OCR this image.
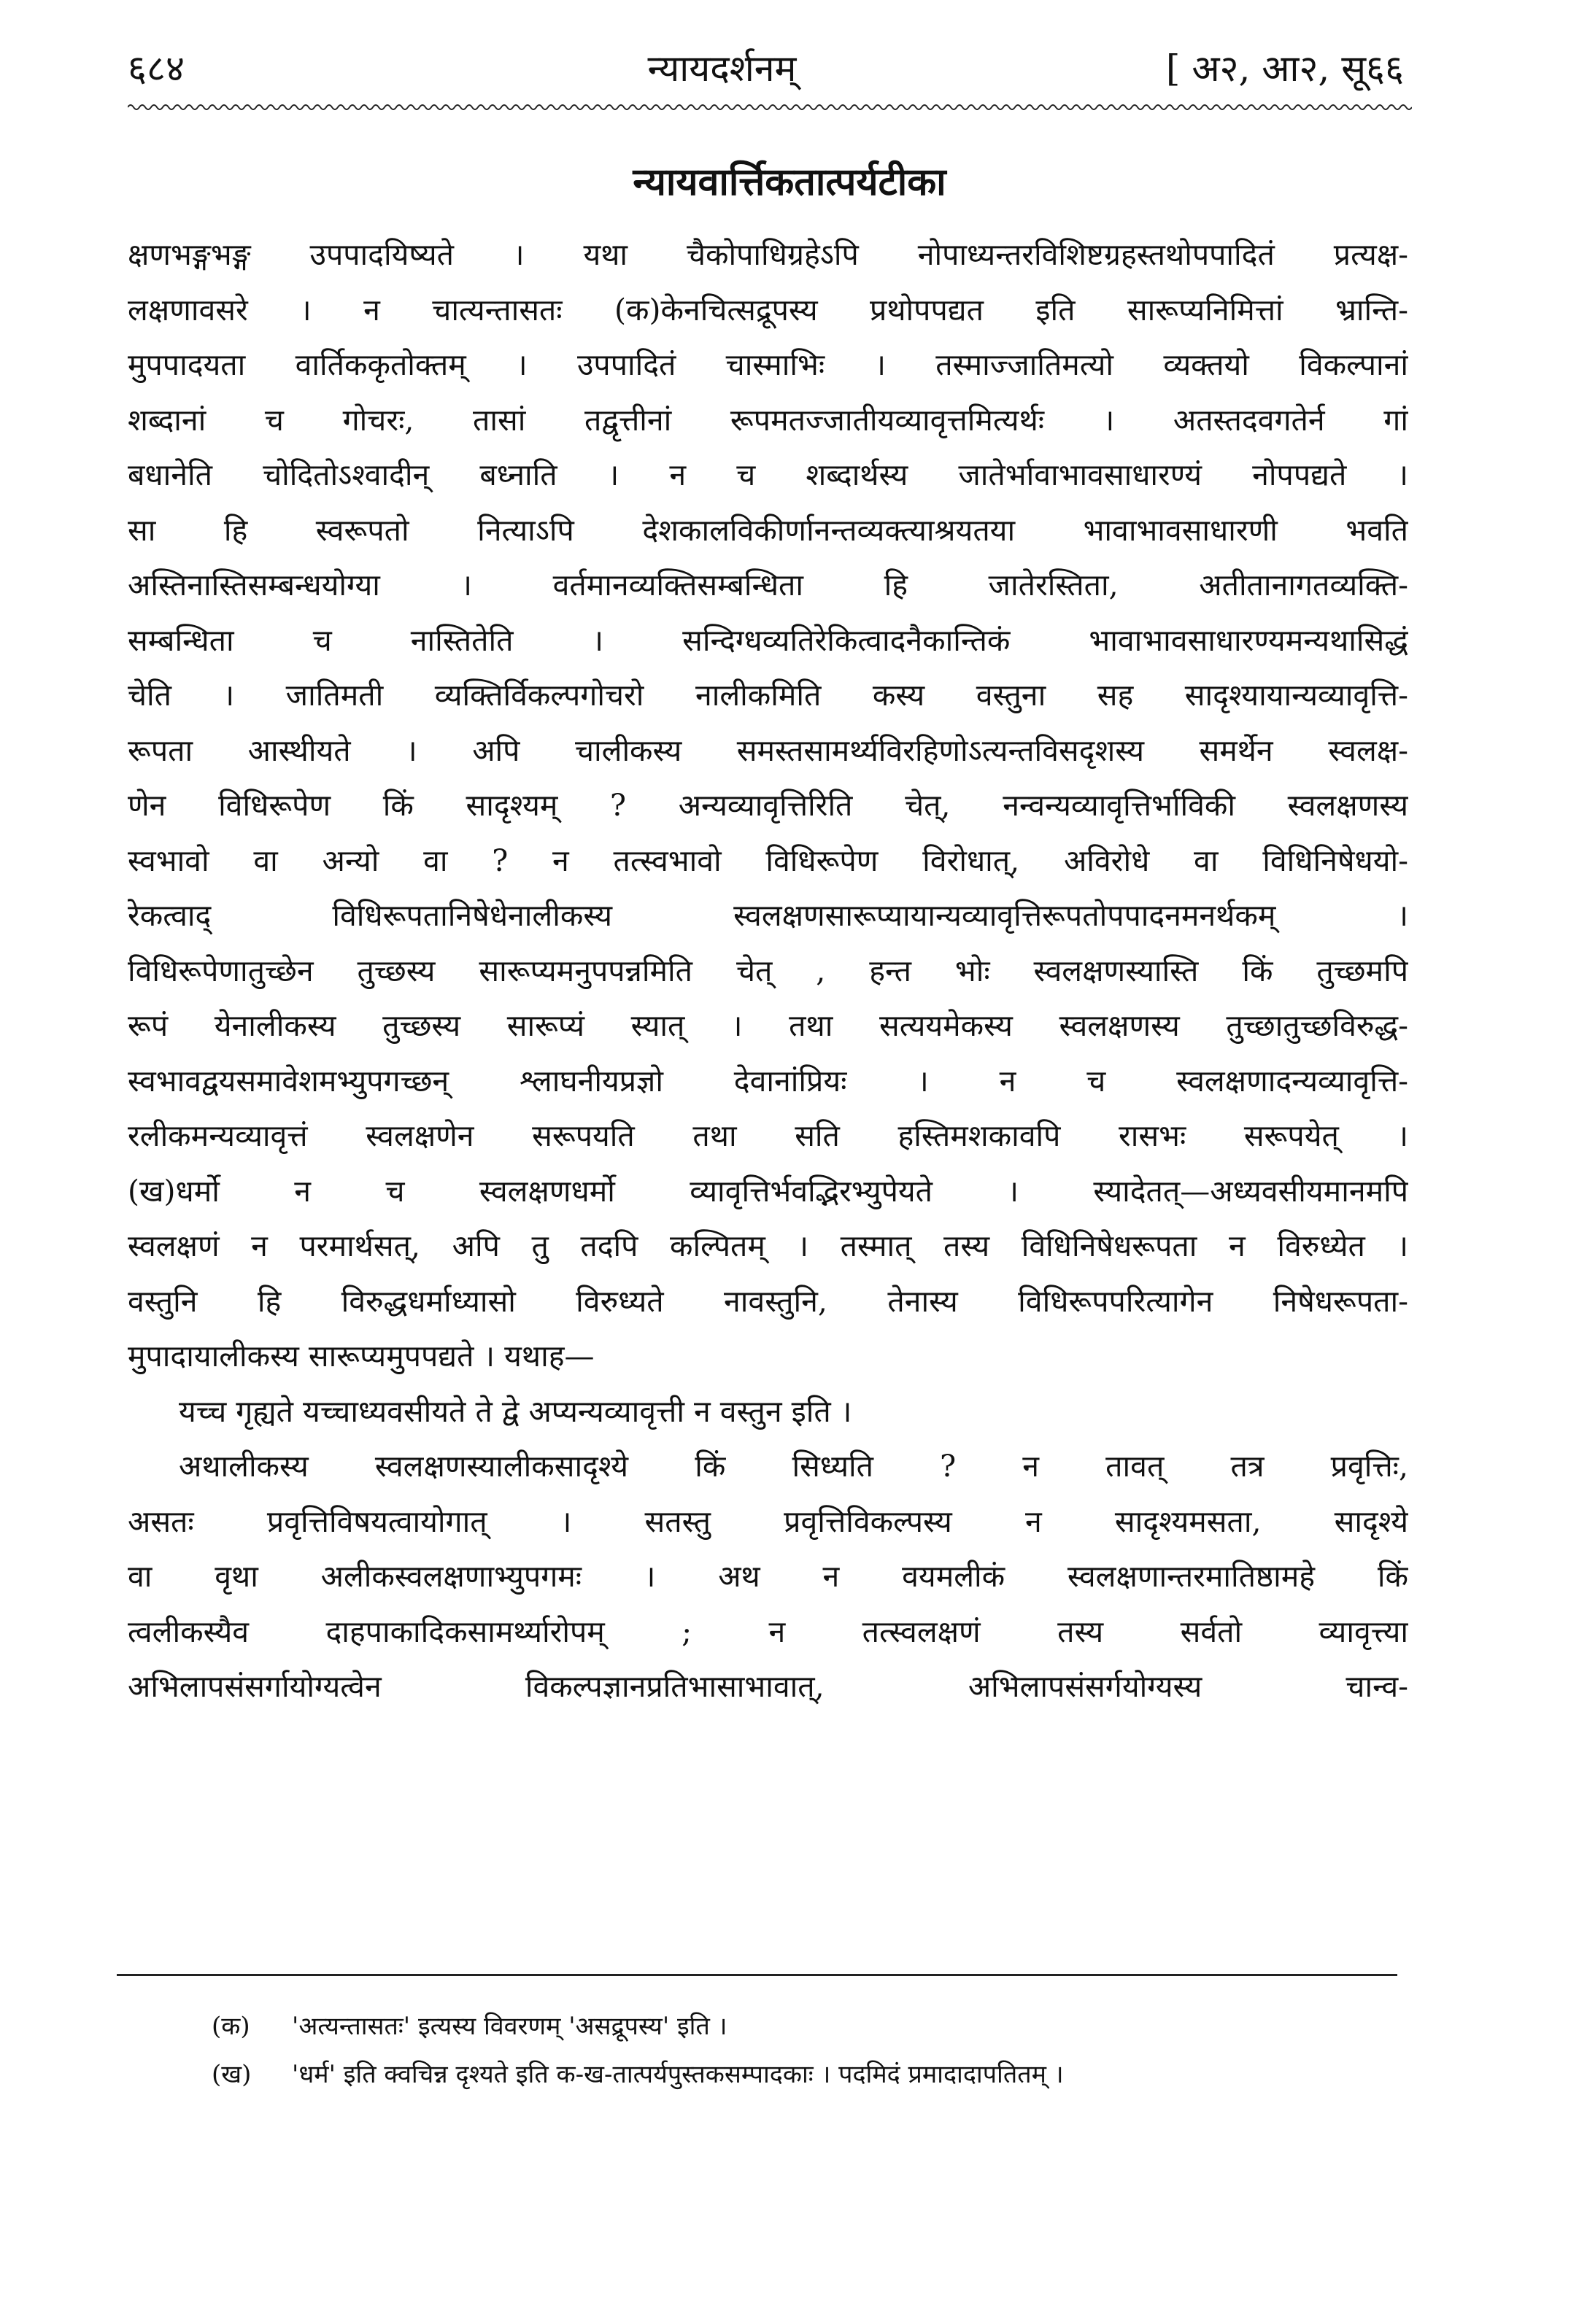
६८४	न्यायदर्शनम्	[ अ२, आ२, सू६६
न्यायवार्त्तिकतात्पर्यटीका
क्षणभङ्गभङ्ग उपपादयिष्यते । यथा चैकोपाधिग्रहेऽपि नोपाध्यन्तरविशिष्टग्रहस्तथोपपादितं प्रत्यक्ष-
लक्षणावसरे । न चात्यन्तासतः (क)केनचित्सद्रूपस्य प्रथोपपद्यत इति सारूप्यनिमित्तां भ्रान्ति-
मुपपादयता वार्तिककृतोक्तम् । उपपादितं चास्माभिः । तस्माज्जातिमत्यो व्यक्तयो विकल्पानां
शब्दानां च गोचरः, तासां तद्वृत्तीनां रूपमतज्जातीयव्यावृत्तमित्यर्थः । अतस्तदवगतेर्न गां
बधानेति चोदितोऽश्वादीन् बध्नाति । न च शब्दार्थस्य जातेर्भावाभावसाधारण्यं नोपपद्यते ।
सा हि स्वरूपतो नित्याऽपि देशकालविकीर्णानन्तव्यक्त्याश्रयतया भावाभावसाधारणी भवति
अस्तिनास्तिसम्बन्धयोग्या । वर्तमानव्यक्तिसम्बन्धिता हि जातेरस्तिता, अतीतानागतव्यक्ति-
सम्बन्धिता च नास्तितेति । सन्दिग्धव्यतिरेकित्वादनैकान्तिकं भावाभावसाधारण्यमन्यथासिद्धं
चेति । जातिमती व्यक्तिर्विकल्पगोचरो नालीकमिति कस्य वस्तुना सह सादृश्यायान्यव्यावृत्ति-
रूपता आस्थीयते । अपि चालीकस्य समस्तसामर्थ्यविरहिणोऽत्यन्तविसदृशस्य समर्थेन स्वलक्ष-
णेन विधिरूपेण किं सादृश्यम् ? अन्यव्यावृत्तिरिति चेत्, नन्वन्यव्यावृत्तिर्भाविकी स्वलक्षणस्य
स्वभावो वा अन्यो वा ? न तत्स्वभावो विधिरूपेण विरोधात्, अविरोधे वा विधिनिषेधयो-
रेकत्वाद् विधिरूपतानिषेधेनालीकस्य स्वलक्षणसारूप्यायान्यव्यावृत्तिरूपतोपपादनमनर्थकम् ।
विधिरूपेणातुच्छेन तुच्छस्य सारूप्यमनुपपन्नमिति चेत् , हन्त भोः स्वलक्षणस्यास्ति किं तुच्छमपि
रूपं येनालीकस्य तुच्छस्य सारूप्यं स्यात् । तथा सत्ययमेकस्य स्वलक्षणस्य तुच्छातुच्छविरुद्ध-
स्वभावद्वयसमावेशमभ्युपगच्छन् श्लाघनीयप्रज्ञो देवानांप्रियः । न च स्वलक्षणादन्यव्यावृत्ति-
रलीकमन्यव्यावृत्तं स्वलक्षणेन सरूपयति तथा सति हस्तिमशकावपि रासभः सरूपयेत् ।
(ख)धर्मो न च स्वलक्षणधर्मो व्यावृत्तिर्भवद्भिरभ्युपेयते । स्यादेतत्—अध्यवसीयमानमपि
स्वलक्षणं न परमार्थसत्, अपि तु तदपि कल्पितम् । तस्मात् तस्य विधिनिषेधरूपता न विरुध्येत ।
वस्तुनि हि विरुद्धधर्माध्यासो विरुध्यते नावस्तुनि, तेनास्य विधिरूपपरित्यागेन निषेधरूपता-
मुपादायालीकस्य सारूप्यमुपपद्यते । यथाह—
यच्च गृह्यते यच्चाध्यवसीयते ते द्वे अप्यन्यव्यावृत्ती न वस्तुन इति ।
अथालीकस्य स्वलक्षणस्यालीकसादृश्ये किं सिध्यति ? न तावत् तत्र प्रवृत्तिः,
असतः प्रवृत्तिविषयत्वायोगात् । सतस्तु प्रवृत्तिविकल्पस्य न सादृश्यमसता, सादृश्ये
वा वृथा अलीकस्वलक्षणाभ्युपगमः । अथ न वयमलीकं स्वलक्षणान्तरमातिष्ठामहे किं
त्वलीकस्यैव दाहपाकादिकसामर्थ्यारोपम् ; न तत्स्वलक्षणं तस्य सर्वतो व्यावृत्त्या
अभिलापसंसर्गायोग्यत्वेन विकल्पज्ञानप्रतिभासाभावात्, अभिलापसंसर्गयोग्यस्य चान्व-
(क)	'अत्यन्तासतः' इत्यस्य विवरणम् 'असद्रूपस्य' इति ।
(ख)	'धर्म' इति क्वचिन्न दृश्यते इति क-ख-तात्पर्यपुस्तकसम्पादकाः । पदमिदं प्रमादादापतितम् ।
